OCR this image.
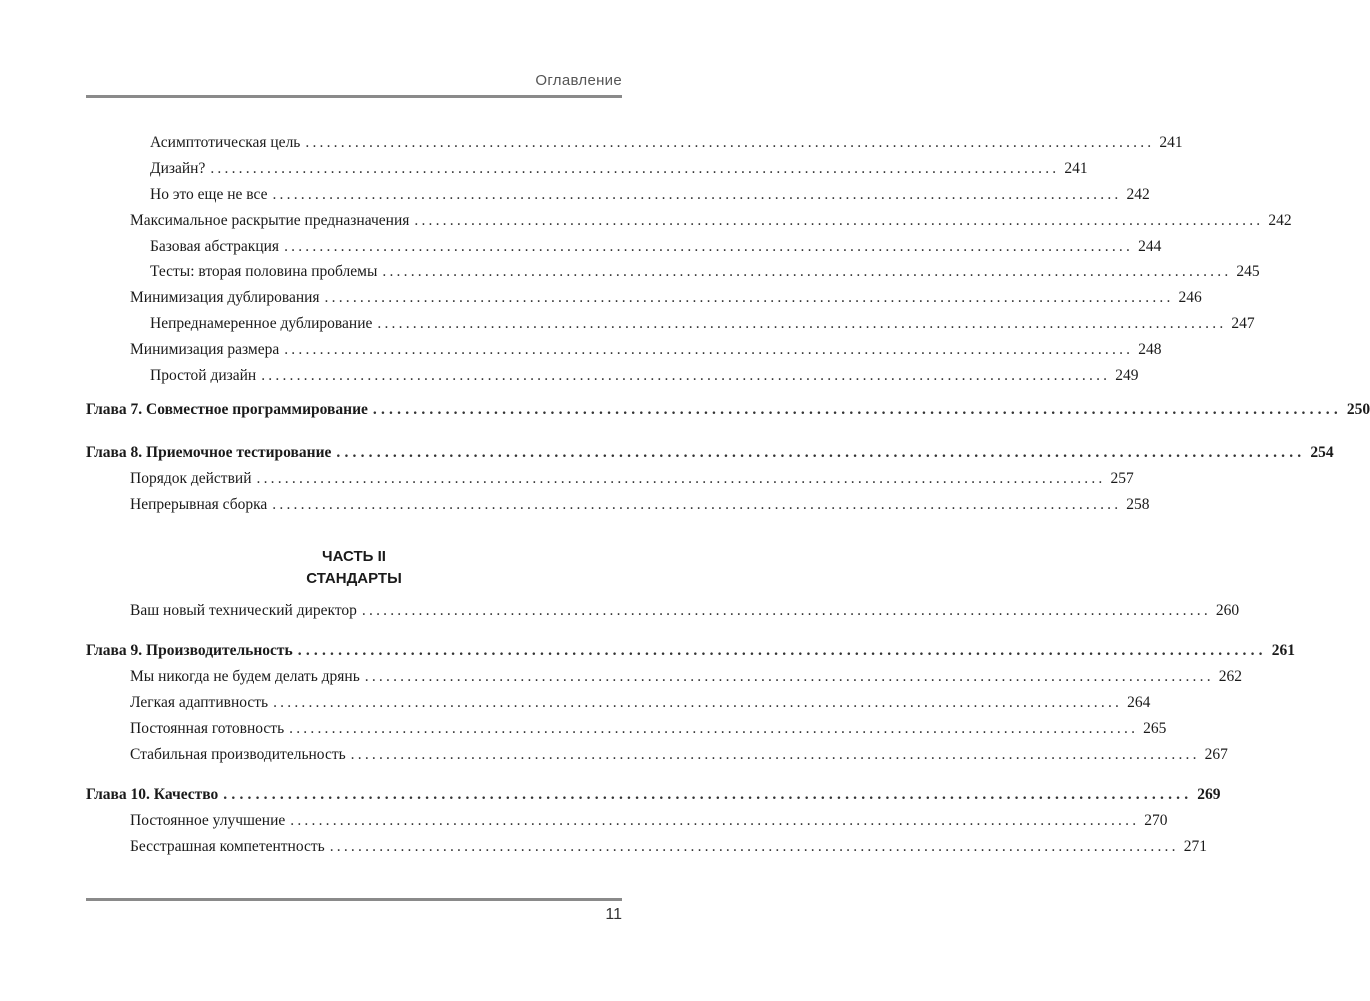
Оглавление
Асимптотическая цель ........................................................................................................................ 241
Дизайн? ........................................................................................................................ 241
Но это еще не все ........................................................................................................................ 242
Максимальное раскрытие предназначения ........................................................................................................................ 242
Базовая абстракция ........................................................................................................................ 244
Тесты: вторая половина проблемы ........................................................................................................................ 245
Минимизация дублирования ........................................................................................................................ 246
Непреднамеренное дублирование ........................................................................................................................ 247
Минимизация размера ........................................................................................................................ 248
Простой дизайн ........................................................................................................................ 249
Глава 7. Совместное программирование ........................................................................................................................ 250
Глава 8. Приемочное тестирование ........................................................................................................................ 254
Порядок действий ........................................................................................................................ 257
Непрерывная сборка ........................................................................................................................ 258
ЧАСТЬ II
СТАНДАРТЫ
Ваш новый технический директор ........................................................................................................................ 260
Глава 9. Производительность ........................................................................................................................ 261
Мы никогда не будем делать дрянь ........................................................................................................................ 262
Легкая адаптивность ........................................................................................................................ 264
Постоянная готовность ........................................................................................................................ 265
Стабильная производительность ........................................................................................................................ 267
Глава 10. Качество ........................................................................................................................ 269
Постоянное улучшение ........................................................................................................................ 270
Бесстрашная компетентность ........................................................................................................................ 271
11
